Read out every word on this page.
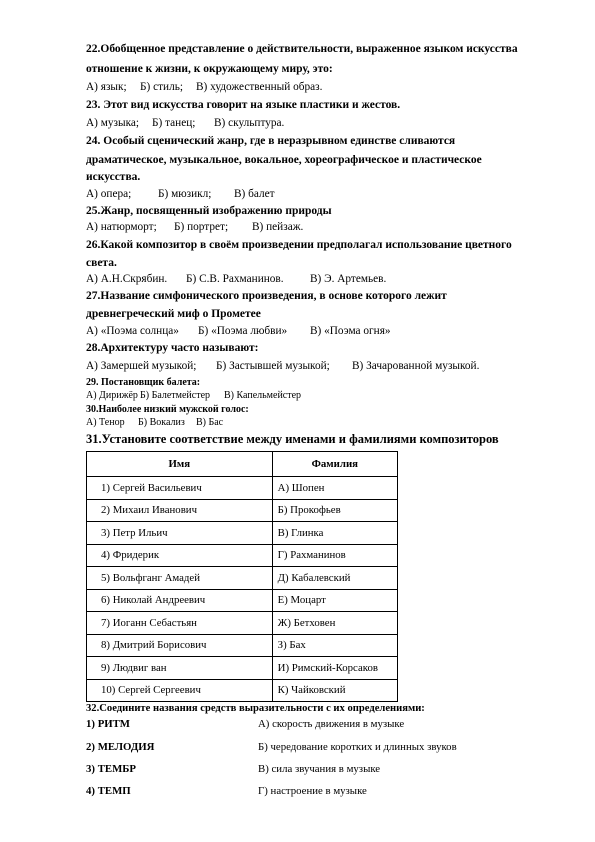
22.Обобщенное представление о действительности, выраженное языком искусства
отношение к жизни, к окружающему миру, это:
А) язык; Б) стиль; В) художественный образ.
23. Этот вид искусства говорит на языке пластики и жестов.
А) музыка; Б) танец; В) скульптура.
24. Особый сценический жанр, где в неразрывном единстве сливаются
драматическое, музыкальное, вокальное, хореографическое и пластическое
искусства.
А) опера; Б) мюзикл; В) балет
25.Жанр, посвященный изображению природы
А) натюрморт; Б) портрет; В) пейзаж.
26.Какой композитор в своём произведении предполагал использование цветного
света.
А) А.Н.Скрябин. Б) С.В. Рахманинов. В) Э. Артемьев.
27.Название симфонического произведения, в основе которого лежит
древнегреческий миф о Прометее
А) «Поэма солнца» Б) «Поэма любви» В) «Поэма огня»
28.Архитектуру часто называют:
А) Замершей музыкой; Б) Застывшей музыкой; В) Зачарованной музыкой.
29. Постановщик балета:
А) Дирижёр Б) Балетмейстер В) Капельмейстер
30.Наиболее низкий мужской голос:
А) Тенор Б) Вокализ В) Бас
31.Установите соответствие между именами и фамилиями композиторов
Имя	Фамилия
1) Сергей Васильевич	А) Шопен
2) Михаил Иванович	Б) Прокофьев
3) Петр Ильич	В) Глинка
4) Фридерик	Г) Рахманинов
5) Вольфганг Амадей	Д) Кабалевский
6) Николай Андреевич	Е) Моцарт
7) Иоганн Себастьян	Ж) Бетховен
8) Дмитрий Борисович	З) Бах
9) Людвиг ван	И) Римский-Корсаков
10) Сергей Сергеевич	К) Чайковский
32.Соедините названия средств выразительности с их определениями:
1) РИТМ	А) скорость движения в музыке
2) МЕЛОДИЯ	Б) чередование коротких и длинных звуков
3) ТЕМБР	В) сила звучания в музыке
4) ТЕМП	Г) настроение в музыке
